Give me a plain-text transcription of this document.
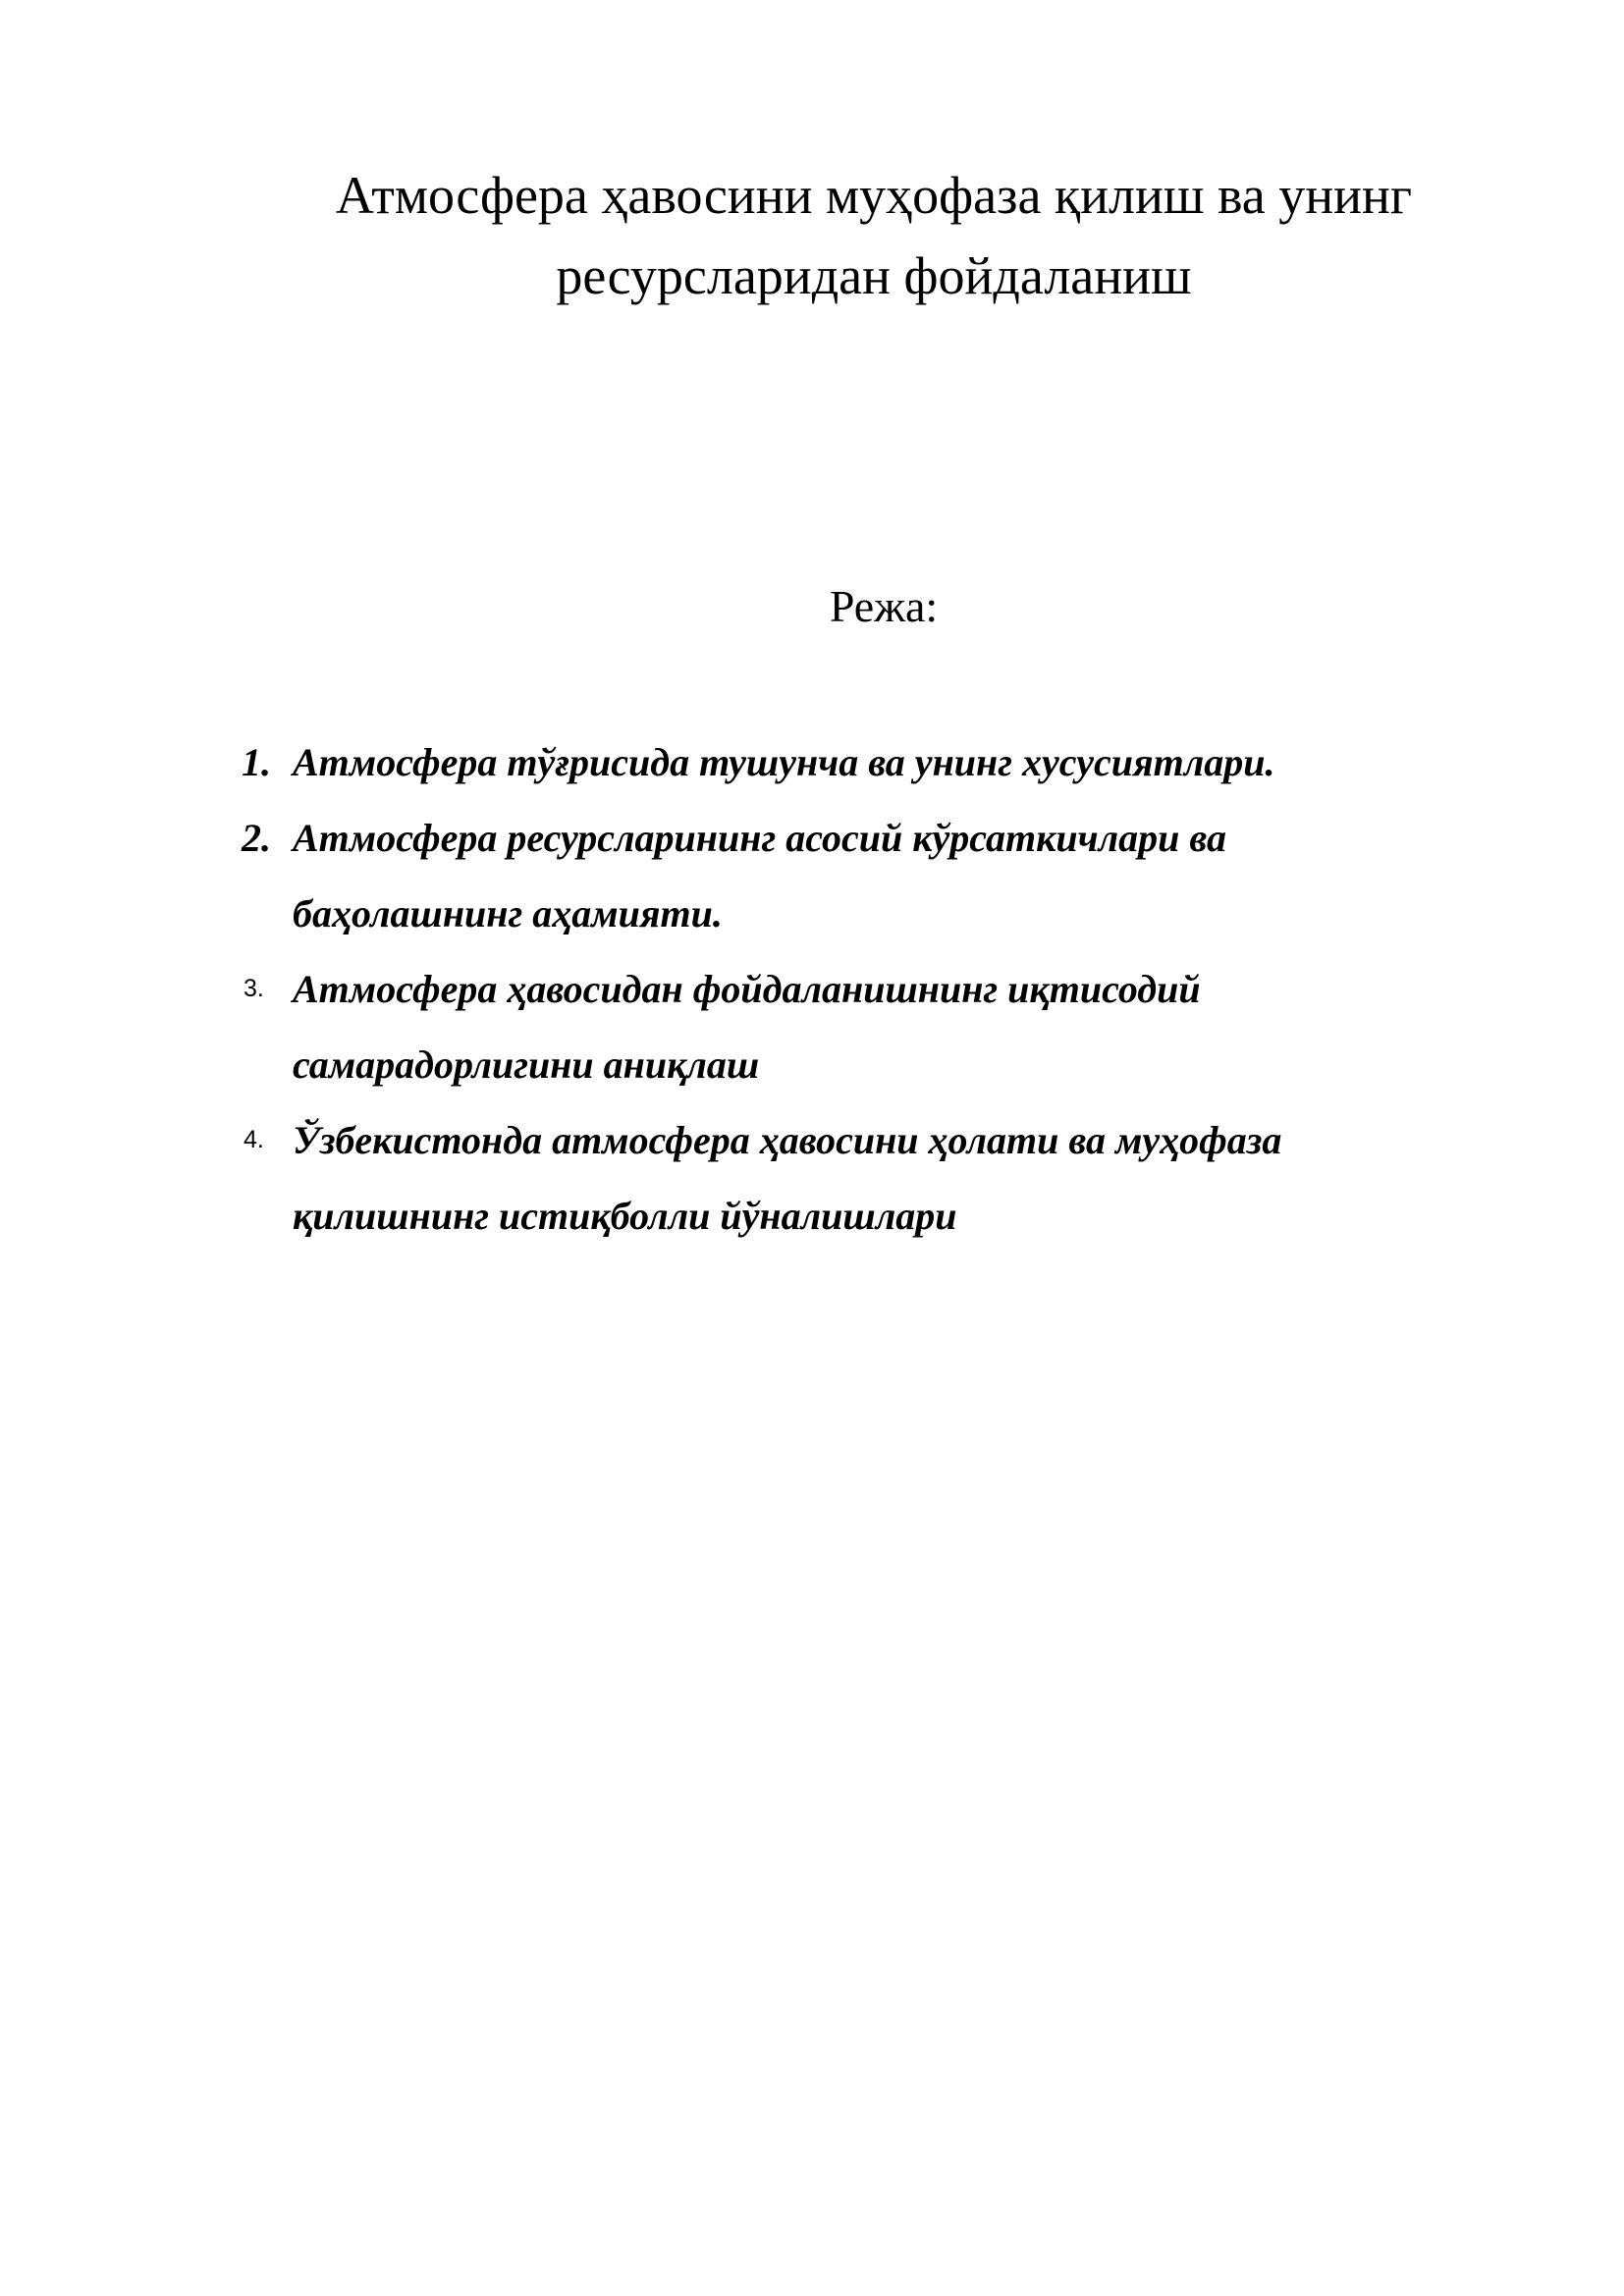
Атмосфера ҳавосини муҳофаза қилиш ва унинг
ресурсларидан фойдаланиш
Режа:
1. Атмосфера тўғрисида тушунча ва унинг хусусиятлари.
2. Атмосфера ресурсларининг асосий кўрсаткичлари ва баҳолашнинг аҳамияти.
3. Атмосфера ҳавосидан фойдаланишнинг иқтисодий самарадорлигини аниқлаш
4. Ўзбекистонда атмосфера ҳавосини ҳолати ва муҳофаза қилишнинг истиқболли йўналишлари
